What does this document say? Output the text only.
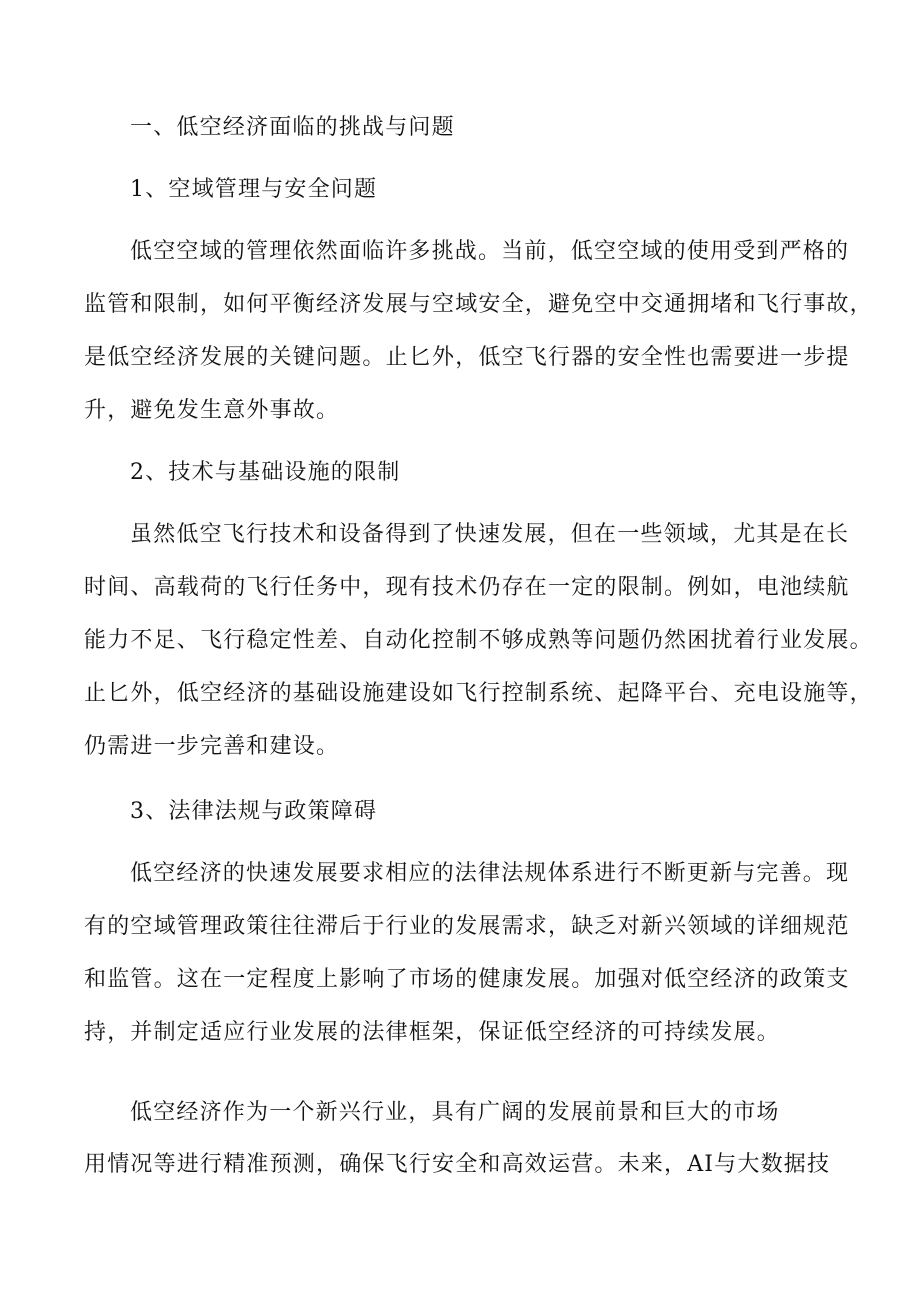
一、低空经济面临的挑战与问题
1、空域管理与安全问题
低空空域的管理依然面临许多挑战。当前，低空空域的使用受到严格的
监管和限制，如何平衡经济发展与空域安全，避免空中交通拥堵和飞行事故，
是低空经济发展的关键问题。止匕外，低空飞行器的安全性也需要进一步提
升，避免发生意外事故。
2、技术与基础设施的限制
虽然低空飞行技术和设备得到了快速发展，但在一些领域，尤其是在长
时间、高载荷的飞行任务中，现有技术仍存在一定的限制。例如，电池续航
能力不足、飞行稳定性差、自动化控制不够成熟等问题仍然困扰着行业发展。
止匕外，低空经济的基础设施建设如飞行控制系统、起降平台、充电设施等，
仍需进一步完善和建设。
3、法律法规与政策障碍
低空经济的快速发展要求相应的法律法规体系进行不断更新与完善。现
有的空域管理政策往往滞后于行业的发展需求，缺乏对新兴领域的详细规范
和监管。这在一定程度上影响了市场的健康发展。加强对低空经济的政策支
持，并制定适应行业发展的法律框架，保证低空经济的可持续发展。
低空经济作为一个新兴行业，具有广阔的发展前景和巨大的市场
用情况等进行精准预测，确保飞行安全和高效运营。未来，AI与大数据技
